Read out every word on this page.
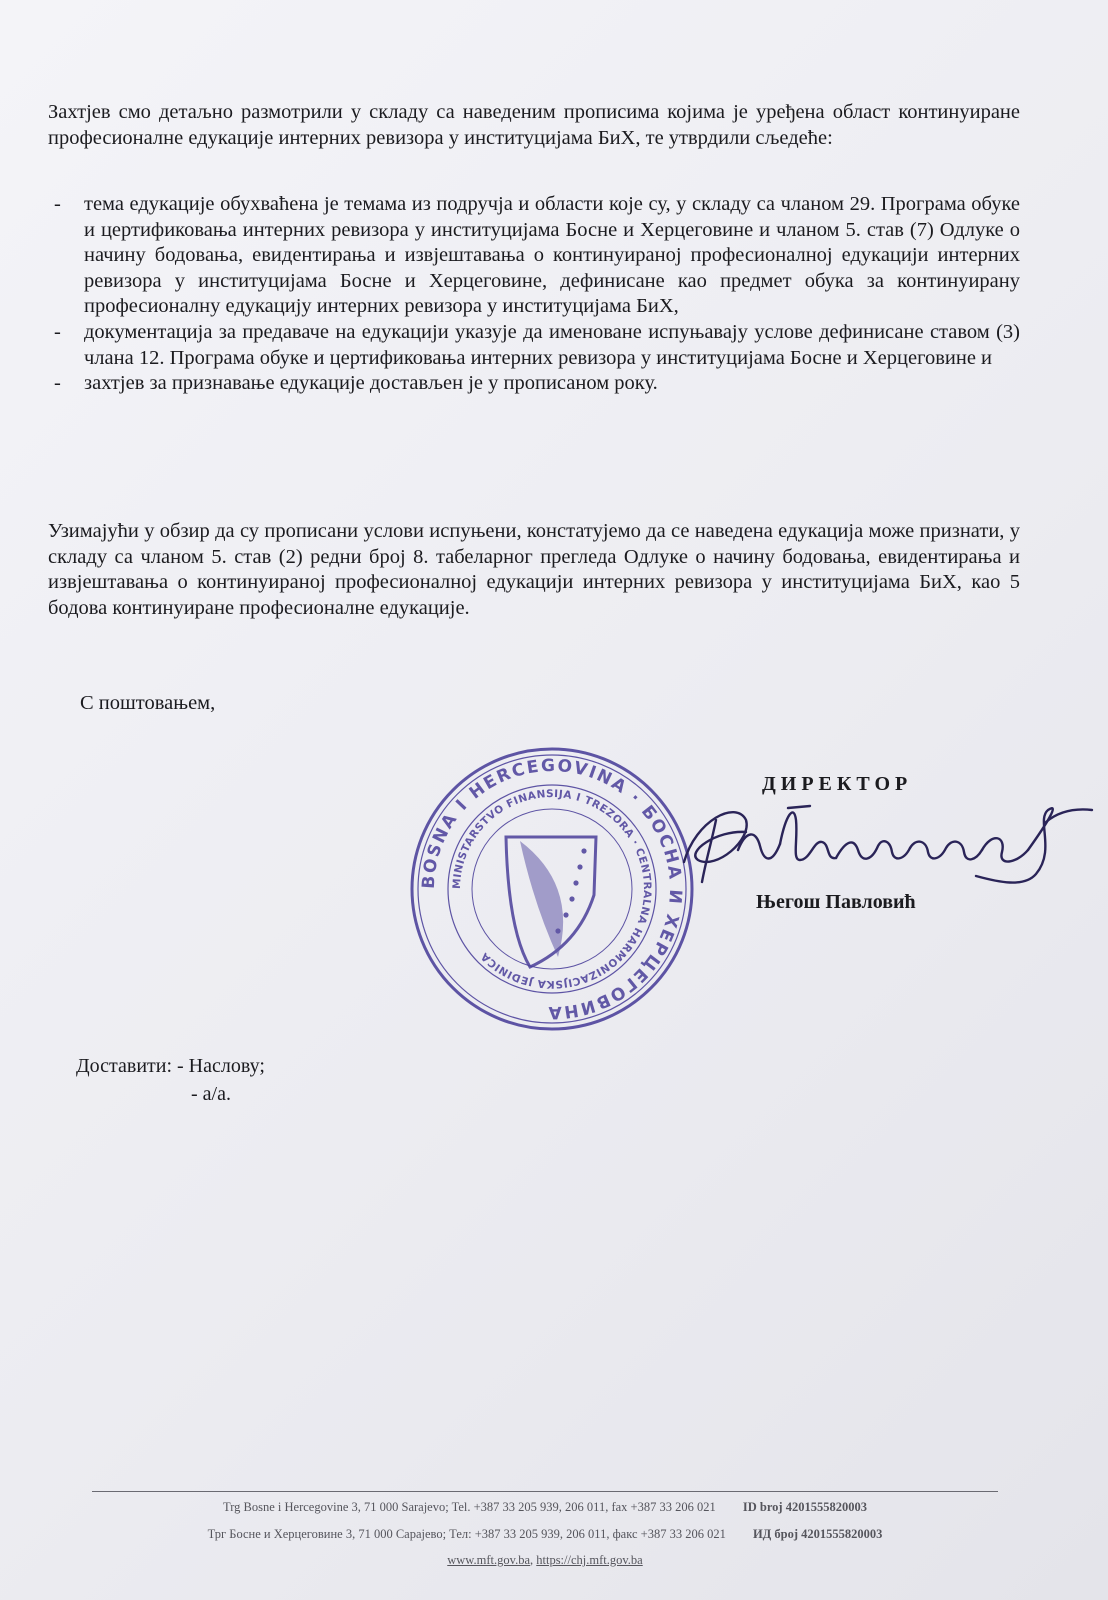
Захтјев смо детаљно размотрили у складу са наведеним прописима којима је уређена област континуиране професионалне едукације интерних ревизора у институцијама БиХ, те утврдили сљедеће:

- тема едукације обухваћена је темама из подручја и области које су, у складу са чланом 29. Програма обуке и цертификовања интерних ревизора у институцијама Босне и Херцеговине и чланом 5. став (7) Одлуке о начину бодовања, евидентирања и извјештавања о континуираној професионалној едукацији интерних ревизора у институцијама Босне и Херцеговине, дефинисане као предмет обука за континуирану професионалну едукацију интерних ревизора у институцијама БиХ,
- документација за предаваче на едукацији указује да именоване испуњавају услове дефинисане ставом (3) члана 12. Програма обуке и цертификовања интерних ревизора у институцијама Босне и Херцеговине и
- захтјев за признавање едукације достављен је у прописаном року.

Узимајући у обзир да су прописани услови испуњени, констатујемо да се наведена едукација може признати, у складу са чланом 5. став (2) редни број 8. табеларног прегледа Одлуке о начину бодовања, евидентирања и извјештавања о континуираној професионалној едукацији интерних ревизора у институцијама БиХ, као 5 бодова континуиране професионалне едукације.

С поштовањем,

BOSNA I HERCEGOVINA · БОСНА И ХЕРЦЕГОВИНА
MINISTARSTVO FINANSIJA I TREZORA · CENTRALNA HARMONIZACIJSKA JEDINICA
ДИРЕКТОР
Његош Павловић
Доставити: - Наслову;
- а/а.
Trg Bosne i Hercegovine 3, 71 000 Sarajevo; Tel. +387 33 205 939, 206 011, fax +387 33 206 021 ID broj 4201555820003
Трг Босне и Херцеговине 3, 71 000 Сарајево; Тел: +387 33 205 939, 206 011, факс +387 33 206 021 ИД број 4201555820003
www.mft.gov.ba, https://chj.mft.gov.ba
